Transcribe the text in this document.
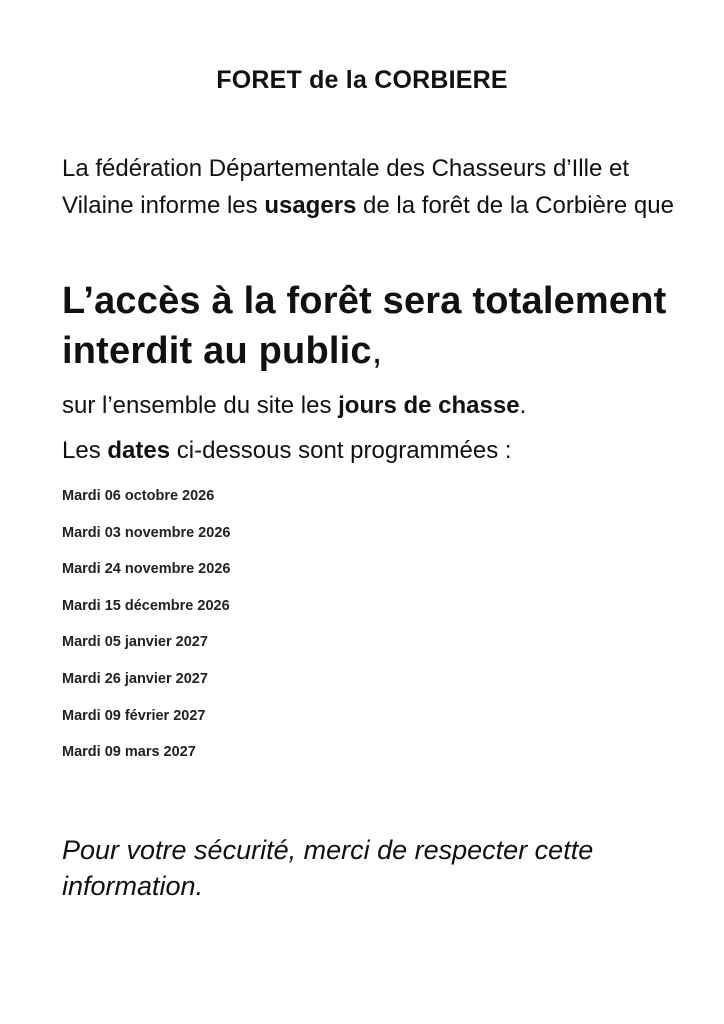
FORET de la CORBIERE
La fédération Départementale des Chasseurs d’Ille et Vilaine informe les usagers de la forêt de la Corbière que
L’accès à la forêt sera totalement interdit au public,
sur l’ensemble du site les jours de chasse.
Les dates ci-dessous sont programmées :
Mardi 06 octobre 2026
Mardi 03 novembre 2026
Mardi 24 novembre 2026
Mardi 15 décembre 2026
Mardi 05 janvier 2027
Mardi 26 janvier 2027
Mardi 09 février 2027
Mardi 09 mars 2027
Pour votre sécurité, merci de respecter cette information.
